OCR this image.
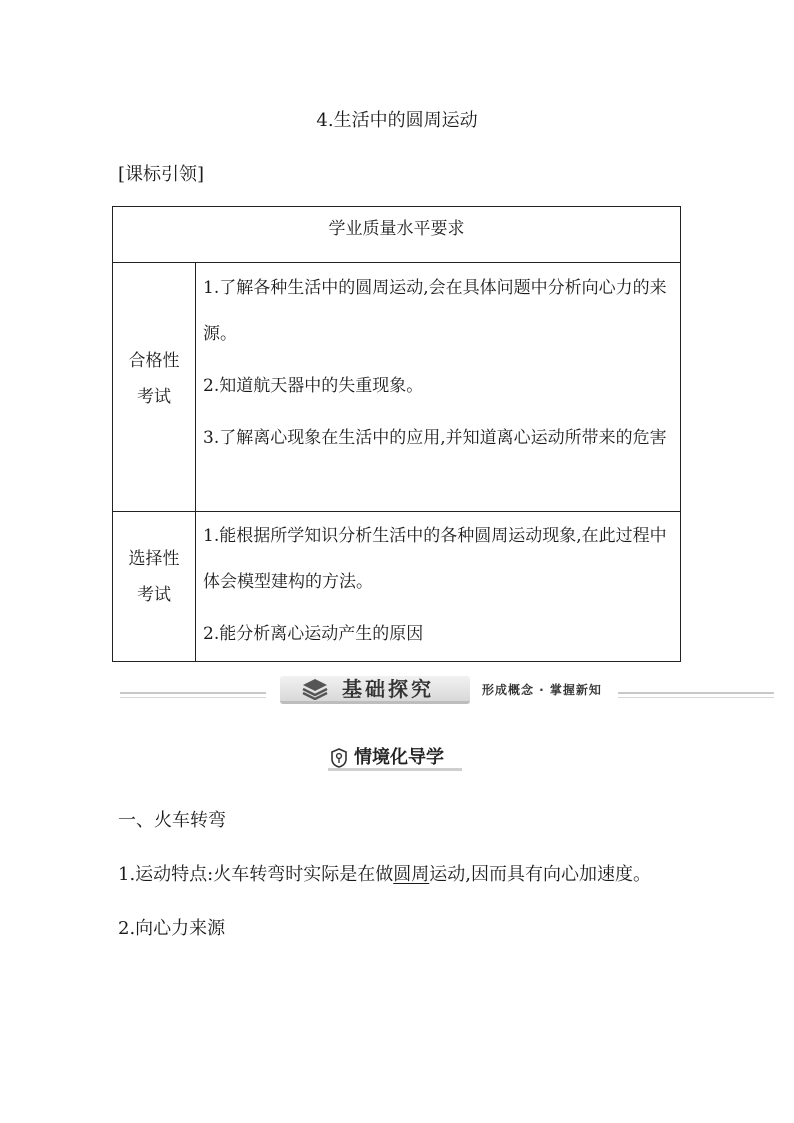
4.生活中的圆周运动
[课标引领]
学业质量水平要求
合格性
考试

1.了解各种生活中的圆周运动,会在具体问题中分析向心力的来源。

2.知道航天器中的失重现象。

3.了解离心现象在生活中的应用,并知道离心运动所带来的危害

选择性
考试

1.能根据所学知识分析生活中的各种圆周运动现象,在此过程中体会模型建构的方法。

2.能分析离心运动产生的原因

基础探究	形成概念 · 掌握新知
情境化导学
一、火车转弯
1.运动特点:火车转弯时实际是在做圆周运动,因而具有向心加速度。
2.向心力来源
